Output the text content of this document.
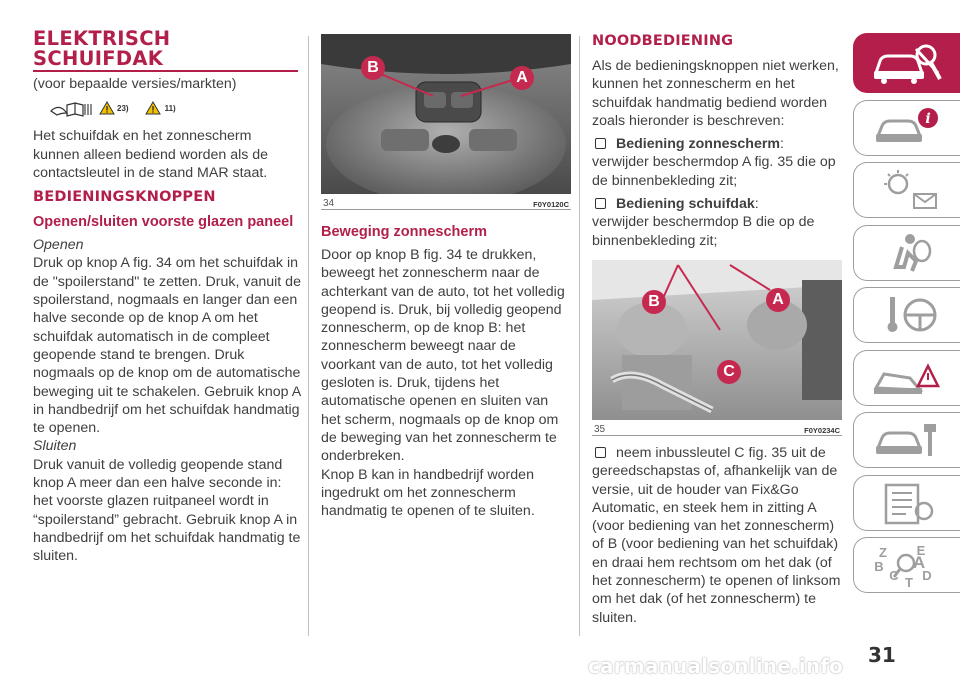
ELEKTRISCH
SCHUIFDAK

(voor bepaalde versies/markten)

23)	11)

Het schuifdak en het zonnescherm kunnen alleen bediend worden als de contactsleutel in de stand MAR staat.

BEDIENINGSKNOPPEN
Openen/sluiten voorste glazen paneel

Openen

Druk op knop A fig. 34 om het schuifdak in de "spoilerstand" te zetten. Druk, vanuit de spoilerstand, nogmaals en langer dan een halve seconde op de knop A om het schuifdak automatisch in de compleet geopende stand te brengen. Druk nogmaals op de knop om de automatische beweging uit te schakelen. Gebruik knop A in handbedrijf om het schuifdak handmatig te openen.

Sluiten

Druk vanuit de volledig geopende stand knop A meer dan een halve seconde in: het voorste glazen ruitpaneel wordt in “spoilerstand” gebracht. Gebruik knop A in handbedrijf om het schuifdak handmatig te sluiten.

B
A
34	F0Y0120C
Beweging zonnescherm

Door op knop B fig. 34 te drukken, beweegt het zonnescherm naar de achterkant van de auto, tot het volledig geopend is. Druk, bij volledig geopend zonnescherm, op de knop B: het zonnescherm beweegt naar de voorkant van de auto, tot het volledig gesloten is. Druk, tijdens het automatische openen en sluiten van het scherm, nogmaals op de knop om de beweging van het zonnescherm te onderbreken.

Knop B kan in handbedrijf worden ingedrukt om het zonnescherm handmatig te openen of te sluiten.

NOODBEDIENING

Als de bedieningsknoppen niet werken, kunnen het zonnescherm en het schuifdak handmatig bediend worden zoals hieronder is beschreven:

Bediening zonnescherm:

verwijder beschermdop A fig. 35 die op de binnenbekleding zit;

Bediening schuifdak:

verwijder beschermdop B die op de binnenbekleding zit;

B	A
C
35	F0Y0234C
neem inbussleutel C fig. 35 uit de gereedschapstas of, afhankelijk van de versie, uit de houder van Fix&Go Automatic, en steek hem in zitting A (voor bediening van het zonnescherm) of B (voor bediening van het schuifdak) en draai hem rechtsom om het dak (of het zonnescherm) te openen of linksom om het dak (of het zonnescherm) te sluiten.
i
Z E
B A
C D
T
31
carmanualsonline.info
